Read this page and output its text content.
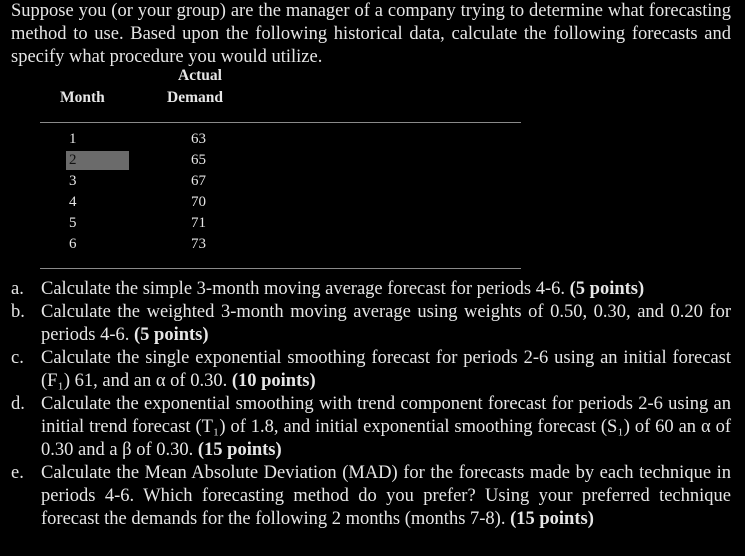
Suppose you (or your group) are the manager of a company trying to determine what forecasting method to use. Based upon the following historical data, calculate the following forecasts and specify what procedure you would utilize.
Actual
Month	Demand
1	63
2	65
3	67
4	70
5	71
6	73

a. Calculate the simple 3-month moving average forecast for periods 4-6. (5 points)

b. Calculate the weighted 3-month moving average using weights of 0.50, 0.30, and 0.20 for periods 4-6. (5 points)

c. Calculate the single exponential smoothing forecast for periods 2-6 using an initial forecast (F₁) 61, and an α of 0.30. (10 points)

d. Calculate the exponential smoothing with trend component forecast for periods 2-6 using an initial trend forecast (T₁) of 1.8, and initial exponential smoothing forecast (S₁) of 60 an α of 0.30 and a β of 0.30. (15 points)

e. Calculate the Mean Absolute Deviation (MAD) for the forecasts made by each technique in periods 4-6. Which forecasting method do you prefer? Using your preferred technique forecast the demands for the following 2 months (months 7-8). (15 points)
